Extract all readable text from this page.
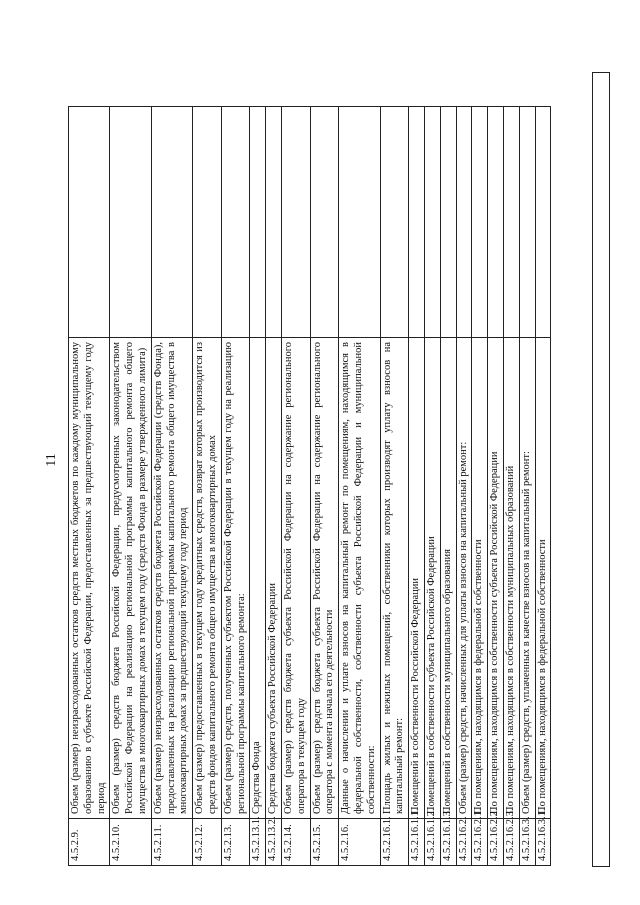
11
4.5.2.9.	Объем (размер) неизрасходованных остатков средств местных бюджетов по каждому муниципальному образованию в субъекте Российской Федерации, предоставленных за предшествующий текущему году период	
4.5.2.10.	Объем (размер) средств бюджета Российской Федерации, предусмотренных законодательством Российской Федерации на реализацию региональной программы капитального ремонта общего имущества в многоквартирных домах в текущем году (средств Фонда в размере утвержденного лимита)	
4.5.2.11.	Объем (размер) неизрасходованных остатков средств бюджета Российской Федерации (средств Фонда), предоставленных на реализацию региональной программы капитального ремонта общего имущества в многоквартирных домах за предшествующий текущему году период	
4.5.2.12.	Объем (размер) предоставленных в текущем году кредитных средств, возврат которых производится из средств фондов капитального ремонта общего имущества в многоквартирных домах	
4.5.2.13.	Объем (размер) средств, полученных субъектом Российской Федерации в текущем году на реализацию региональной программы капитального ремонта:	
4.5.2.13.1.	Средства Фонда	
4.5.2.13.2.	Средства бюджета субъекта Российской Федерации	
4.5.2.14.	Объем (размер) средств бюджета субъекта Российской Федерации на содержание регионального оператора в текущем году	
4.5.2.15.	Объем (размер) средств бюджета субъекта Российской Федерации на содержание регионального оператора с момента начала его деятельности	
4.5.2.16.	Данные о начислении и уплате взносов на капитальный ремонт по помещениям, находящимся в федеральной собственности, собственности субъекта Российской Федерации и муниципальной собственности:	
4.5.2.16.1.	Площадь жилых и нежилых помещений, собственники которых производят уплату взносов на капитальный ремонт:	
4.5.2.16.1.1.	Помещений в собственности Российской Федерации	
4.5.2.16.1.2.	Помещений в собственности субъекта Российской Федерации	
4.5.2.16.1.3.	Помещений в собственности муниципального образования	
4.5.2.16.2.	Объем (размер) средств, начисленных для уплаты взносов на капитальный ремонт:	
4.5.2.16.2.1.	По помещениям, находящимся в федеральной собственности	
4.5.2.16.2.2.	По помещениям, находящимся в собственности субъекта Российской Федерации	
4.5.2.16.2.3.	По помещениям, находящимся в собственности муниципальных образований	
4.5.2.16.3.	Объем (размер) средств, уплаченных в качестве взносов на капитальный ремонт:	
4.5.2.16.3.1.	По помещениям, находящимся в федеральной собственности	
